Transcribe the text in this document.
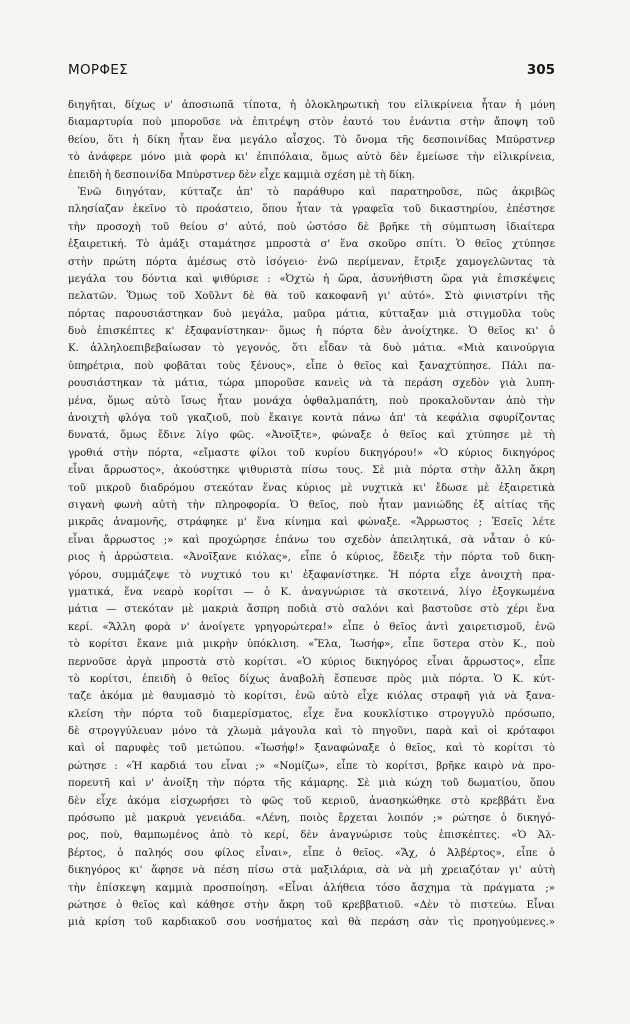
ΜΟΡΦΕΣ	305
διηγῆται, δίχως ν' ἀποσιωπᾶ τίποτα, ἡ ὁλοκληρωτικὴ του εἰλικρίνεια ἦταν ἡ μόνη
διαμαρτυρία ποὺ μποροῦσε νὰ ἐπιτρέψη στὸν ἑαυτό του ἐνάντια στὴν ἄποψη τοῦ
θείου, ὅτι ἡ δίκη ἦταν ἕνα μεγάλο αἶσχος. Τὸ ὄνομα τῆς δεσποινίδας Μπύρστνερ
τὸ ἀνάφερε μόνο μιὰ φορὰ κι' ἐπιπόλαια, ὅμως αὐτὸ δὲν ἐμείωσε τὴν εἰλικρίνεια,
ἐπειδὴ ἡ δεσποινίδα Μπύρστνερ δὲν εἶχε καμμιὰ σχέση μὲ τὴ δίκη.
Ἐνῶ διηγόταν, κύτταζε ἀπ' τὸ παράθυρο καὶ παρατηροῦσε, πῶς ἀκριβῶς
πλησίαζαν ἐκεῖνο τὸ προάστειο, ὅπου ἦταν τὰ γραφεῖα τοῦ δικαστηρίου, ἐπέστησε
τὴν προσοχὴ τοῦ θείου σ' αὐτό, ποὺ ὡστόσο δὲ βρῆκε τὴ σύμπτωση ἰδιαίτερα
ἐξαιρετική. Τὸ ἁμάξι σταμάτησε μπροστὰ σ' ἕνα σκοῦρο σπίτι. Ὁ θεῖος χτύπησε
στὴν πρώτη πόρτα ἀμέσως στὸ ἰσόγειο· ἐνῶ περίμεναν, ἔτριξε χαμογελῶντας τὰ
μεγάλα του δόντια καὶ ψιθύρισε : «Ὀχτὼ ἡ ὥρα, ἀσυνήθιστη ὥρα γιὰ ἐπισκέψεις
πελατῶν. Ὅμως τοῦ Χοῦλντ δὲ θὰ τοῦ κακοφανῆ γι' αὐτό». Στὸ φινιστρίνι τῆς
πόρτας παρουσιάστηκαν δυὸ μεγάλα, μαῦρα μάτια, κύτταξαν μιὰ στιγμοῦλα τοὺς
δυὸ ἐπισκέπτες κ' ἐξαφανίστηκαν· ὅμως ἡ πόρτα δὲν ἀνοίχτηκε. Ὁ θεῖος κι' ὁ
Κ. ἀλληλοεπιβεβαίωσαν τὸ γεγονός, ὅτι εἶδαν τὰ δυὸ μάτια. «Μιὰ καινούργια
ὑπηρέτρια, ποὺ φοβᾶται τοὺς ξένους», εἶπε ὁ θεῖος καὶ ξαναχτύπησε. Πάλι πα-
ρουσιάστηκαν τὰ μάτια, τώρα μποροῦσε κανεὶς νὰ τὰ περάση σχεδὸν γιὰ λυπη-
μένα, ὅμως αὐτὸ ἴσως ἦταν μονάχα ὀφθαλμαπάτη, ποὺ προκαλοῦνταν ἀπὸ τὴν
ἀνοιχτὴ φλόγα τοῦ γκαζιοῦ, ποὺ ἔκαιγε κοντὰ πάνω ἀπ' τὰ κεφάλια σφυρίζοντας
δυνατά, ὅμως ἔδινε λίγο φῶς. «Ἀνοῖξτε», φώναξε ὁ θεῖος καὶ χτύπησε μὲ τὴ
γροθιά στὴν πόρτα, «εἴμαστε φίλοι τοῦ κυρίου δικηγόρου!» «Ὁ κύριος δικηγόρος
εἶναι ἄρρωστος», ἀκούστηκε ψιθυριστὰ πίσω τους. Σὲ μιὰ πόρτα στὴν ἄλλη ἄκρη
τοῦ μικροῦ διαδρόμου στεκόταν ἕνας κύριος μὲ νυχτικὰ κι' ἔδωσε μὲ ἐξαιρετικὰ
σιγανὴ φωνὴ αὐτὴ τὴν πληροφορία. Ὁ θεῖος, ποὺ ἦταν μανιώδης ἐξ αἰτίας τῆς
μικρᾶς ἀναμονῆς, στράφηκε μ' ἕνα κίνημα καὶ φώναξε. «Ἄρρωστος ; Ἐσεῖς λέτε
εἶναι ἄρρωστος ;» καὶ προχώρησε ἐπάνω του σχεδὸν ἀπειλητικά, σὰ νἆταν ὁ κύ-
ριος ἡ ἀρρώστεια. «Ἀνοῖξανε κιόλας», εἶπε ὁ κύριος, ἔδειξε τὴν πόρτα τοῦ δικη-
γόρου, συμμάζεψε τὸ νυχτικό του κι' ἐξαφανίστηκε. Ἡ πόρτα εἶχε ἀνοιχτὴ πρα-
γματικά, ἕνα νεαρὸ κορίτσι — ὁ Κ. ἀναγνώρισε τὰ σκοτεινά, λίγο ἐξογκωμένα
μάτια — στεκόταν μὲ μακριὰ ἄσπρη ποδιὰ στὸ σαλόνι καὶ βαστοῦσε στὸ χέρι ἕνα
κερί. «Ἄλλη φορὰ ν' ἀνοίγετε γρηγορώτερα!» εἶπε ὁ θεῖος ἀντὶ χαιρετισμοῦ, ἐνῶ
τὸ κορίτσι ἔκανε μιὰ μικρὴν ὑπόκλιση. «Ἔλα, Ἰωσήφ», εἶπε ὕστερα στὸν Κ., ποὺ
περνοῦσε ἀργὰ μπροστὰ στὸ κορίτσι. «Ὁ κύριος δικηγόρος εἶναι ἄρρωστος», εἶπε
τὸ κορίτσι, ἐπειδὴ ὁ θεῖος δίχως ἀναβολὴ ἔσπευσε πρὸς μιὰ πόρτα. Ὁ Κ. κύτ-
ταζε ἀκόμα μὲ θαυμασμὸ τὸ κορίτσι, ἐνῶ αὐτὸ εἶχε κιόλας στραφῆ γιὰ νὰ ξανα-
κλείση τὴν πόρτα τοῦ διαμερίσματος, εἶχε ἕνα κουκλίστικο στρογγυλὸ πρόσωπο,
δὲ στρογγύλευαν μόνο τὰ χλωμὰ μάγουλα καὶ τὸ πηγοῦνι, παρὰ καὶ οἱ κρόταφοι
καὶ οἱ παρυφὲς τοῦ μετώπου. «Ἰωσήφ!» ξαναφώναξε ὁ θεῖος, καὶ τὸ κορίτσι τὸ
ρώτησε : «Ἡ καρδιά του εἶναι ;» «Νομίζω», εἶπε τὸ κορίτσι, βρῆκε καιρὸ νὰ προ-
πορευτῆ καὶ ν' ἀνοίξη τὴν πόρτα τῆς κάμαρης. Σὲ μιὰ κώχη τοῦ δωματίου, ὅπου
δὲν εἶχε ἀκόμα εἰσχωρήσει τὸ φῶς τοῦ κεριοῦ, ἀνασηκώθηκε στὸ κρεββάτι ἕνα
πρόσωπο μὲ μακρυὰ γενειάδα. «Λένη, ποιὸς ἔρχεται λοιπόν ;» ρώτησε ὁ δικηγό-
ρος, ποὺ, θαμπωμένος ἀπὸ τὸ κερί, δὲν ἀναγνώρισε τοὺς ἐπισκέπτες. «Ὁ Ἀλ-
βέρτος, ὁ παληός σου φίλος εἶναι», εἶπε ὁ θεῖος. «Ἄχ, ὁ Ἀλβέρτος», εἶπε ὁ
δικηγόρος κι' ἄφησε νὰ πέση πίσω στὰ μαξιλάρια, σὰ νὰ μὴ χρειαζόταν γι' αὐτὴ
τὴν ἐπίσκεψη καμμιὰ προσποίηση. «Εἶναι ἀλήθεια τόσο ἄσχημα τὰ πράγματα ;»
ρώτησε ὁ θεῖος καὶ κάθησε στὴν ἄκρη τοῦ κρεββατιοῦ. «Δὲν τὸ πιστεύω. Εἶναι
μιὰ κρίση τοῦ καρδιακοῦ σου νοσήματος καὶ θὰ περάση σὰν τὶς προηγούμενες.»
